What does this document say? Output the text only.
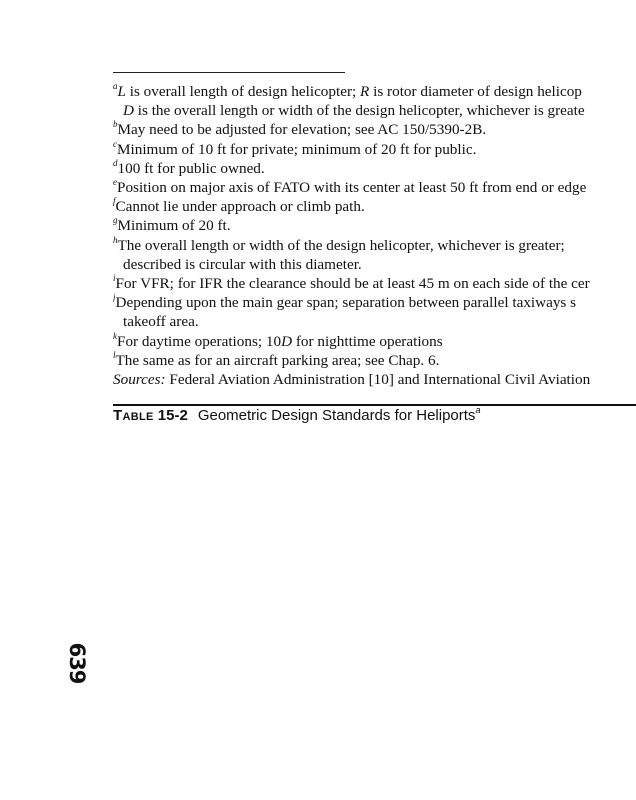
$^a$L is overall length of design helicopter; R is rotor diameter of design helicop
D is the overall length or width of the design helicopter, whichever is greate
$^b$May need to be adjusted for elevation; see AC 150/5390-2B.
$^c$Minimum of 10 ft for private; minimum of 20 ft for public.
$^d$100 ft for public owned.
$^e$Position on major axis of FATO with its center at least 50 ft from end or edge
$^f$Cannot lie under approach or climb path.
$^g$Minimum of 20 ft.
$^h$The overall length or width of the design helicopter, whichever is greater;
described is circular with this diameter.
$^i$For VFR; for IFR the clearance should be at least 45 m on each side of the cer
$^j$Depending upon the main gear span; separation between parallel taxiways s
takeoff area.
$^k$For daytime operations; 10D for nighttime operations
$^l$The same as for an aircraft parking area; see Chap. 6.
Sources: Federal Aviation Administration [10] and International Civil Aviation
Table 15-2 Geometric Design Standards for Heliports$^a$
639
